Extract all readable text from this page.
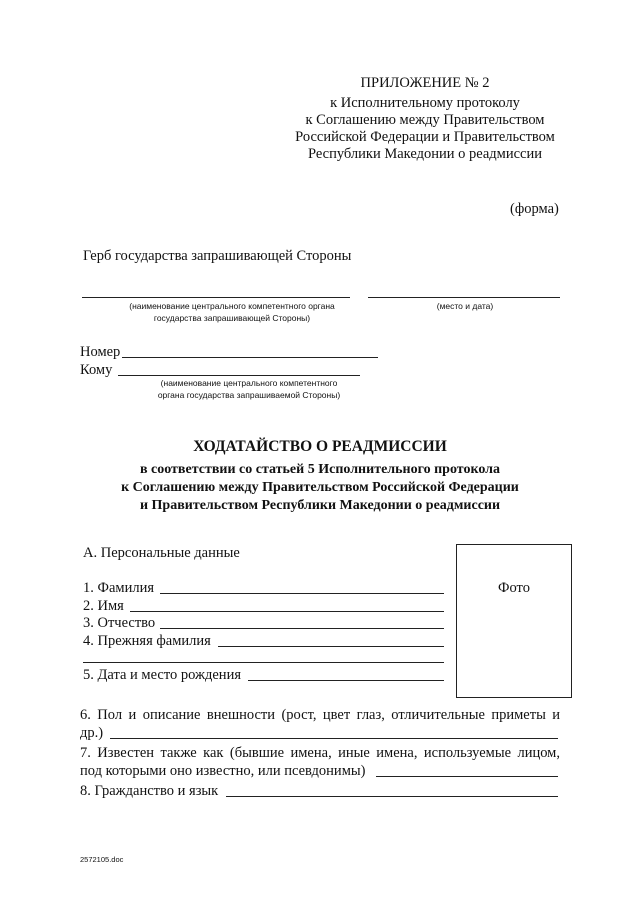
ПРИЛОЖЕНИЕ № 2
к Исполнительному протоколу
к Соглашению между Правительством
Российской Федерации и Правительством
Республики Македонии о реадмиссии
(форма)
Герб государства запрашивающей Стороны
(наименование центрального компетентного органа
государства запрашивающей Стороны)
(место и дата)
Номер
Кому
(наименование центрального компетентного
органа государства запрашиваемой Стороны)
ХОДАТАЙСТВО О РЕАДМИССИИ
в соответствии со статьей 5 Исполнительного протокола
к Соглашению между Правительством Российской Федерации
и Правительством Республики Македонии о реадмиссии
А. Персональные данные
Фото
1. Фамилия
2. Имя
3. Отчество
4. Прежняя фамилия
5. Дата и место рождения
6. Пол и описание внешности (рост, цвет глаз, отличительные приметы и
др.)
7. Известен также как (бывшие имена, иные имена, используемые лицом,
под которыми оно известно, или псевдонимы)
8. Гражданство и язык
2572105.doc
